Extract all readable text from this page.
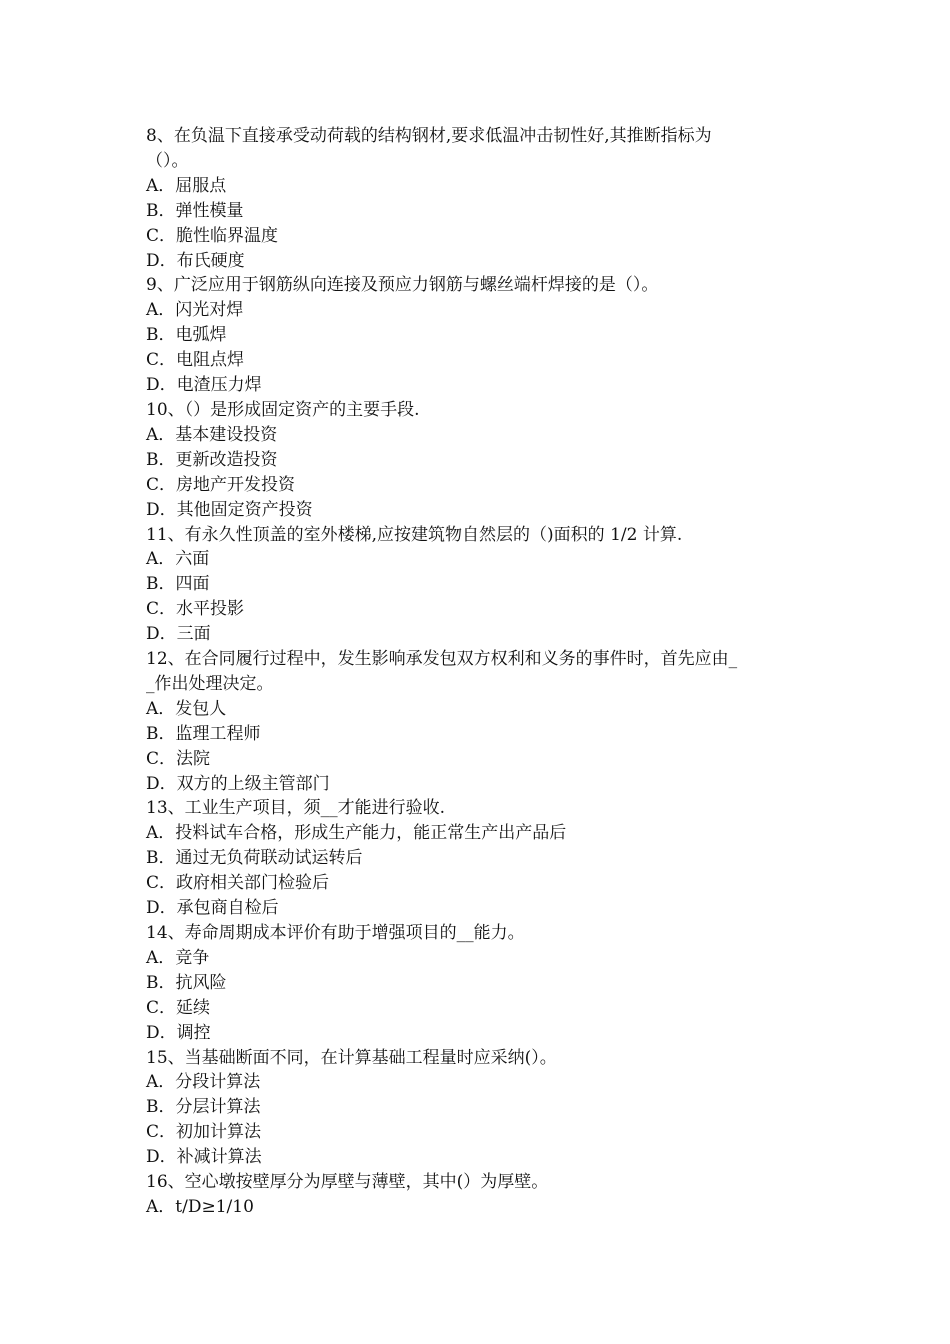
8、在负温下直接承受动荷载的结构钢材,要求低温冲击韧性好,其推断指标为
（）。
A．屈服点
B．弹性模量
C．脆性临界温度
D．布氏硬度
9、广泛应用于钢筋纵向连接及预应力钢筋与螺丝端杆焊接的是（）。
A．闪光对焊
B．电弧焊
C．电阻点焊
D．电渣压力焊
10、（）是形成固定资产的主要手段.
A．基本建设投资
B．更新改造投资
C．房地产开发投资
D．其他固定资产投资
11、有永久性顶盖的室外楼梯,应按建筑物自然层的（)面积的 1/2 计算.
A．六面
B．四面
C．水平投影
D．三面
12、在合同履行过程中，发生影响承发包双方权利和义务的事件时，首先应由_
_作出处理决定。
A．发包人
B．监理工程师
C．法院
D．双方的上级主管部门
13、工业生产项目，须__才能进行验收.
A．投料试车合格，形成生产能力，能正常生产出产品后
B．通过无负荷联动试运转后
C．政府相关部门检验后
D．承包商自检后
14、寿命周期成本评价有助于增强项目的__能力。
A．竞争
B．抗风险
C．延续
D．调控
15、当基础断面不同，在计算基础工程量时应采纳(）。
A．分段计算法
B．分层计算法
C．初加计算法
D．补减计算法
16、空心墩按壁厚分为厚壁与薄壁，其中(）为厚壁。
A．t/D≥1/10
